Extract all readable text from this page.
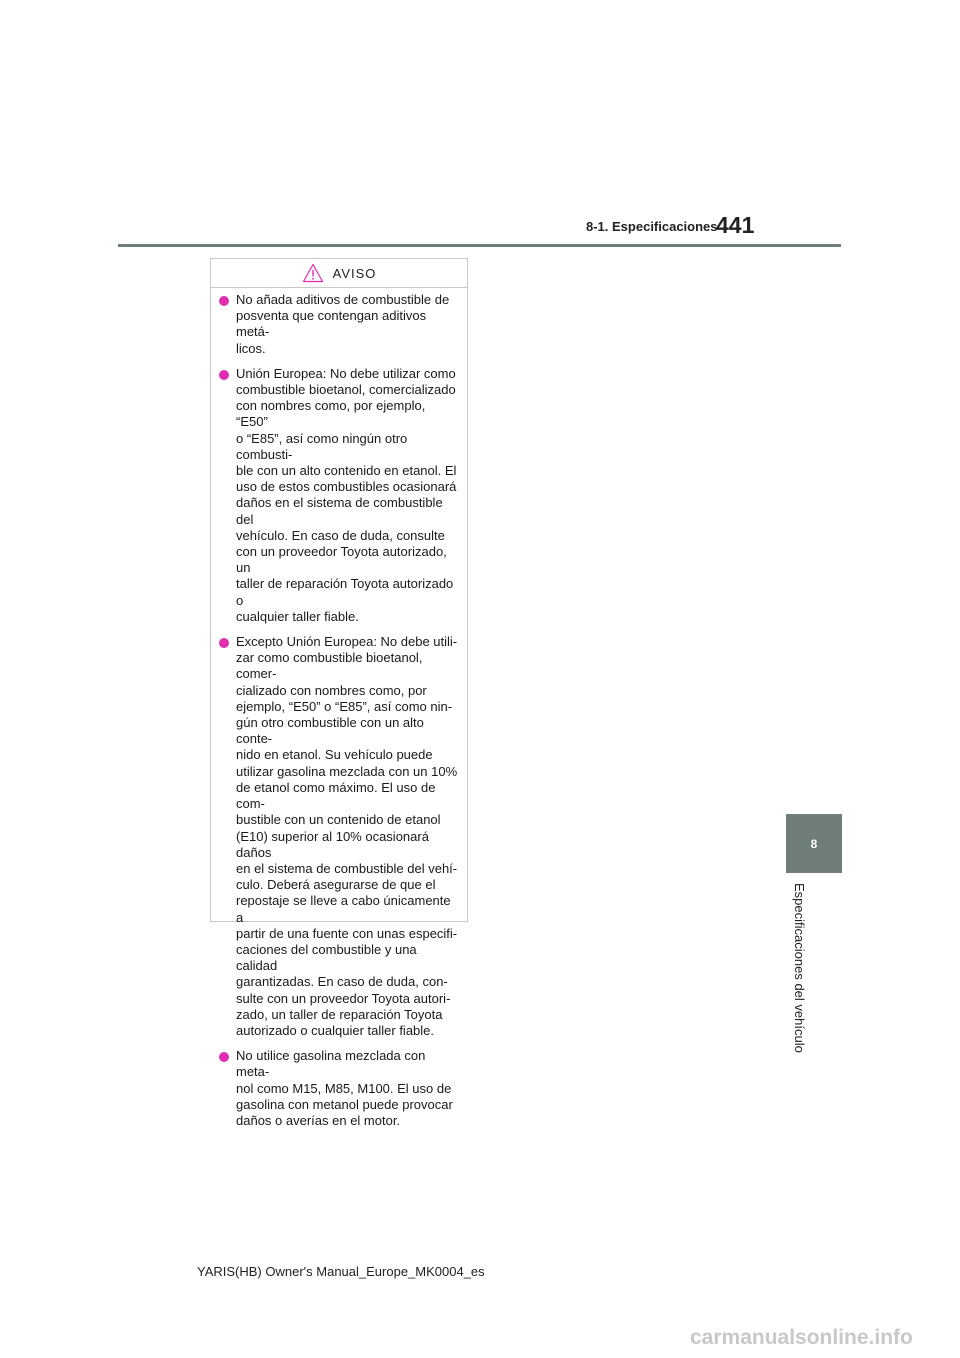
8-1. Especificaciones
441
AVISO
No añada aditivos de combustible de
posventa que contengan aditivos metá-
licos.
Unión Europea: No debe utilizar como
combustible bioetanol, comercializado
con nombres como, por ejemplo, “E50”
o “E85”, así como ningún otro combusti-
ble con un alto contenido en etanol. El
uso de estos combustibles ocasionará
daños en el sistema de combustible del
vehículo. En caso de duda, consulte
con un proveedor Toyota autorizado, un
taller de reparación Toyota autorizado o
cualquier taller fiable.
Excepto Unión Europea: No debe utili-
zar como combustible bioetanol, comer-
cializado con nombres como, por
ejemplo, “E50” o “E85”, así como nin-
gún otro combustible con un alto conte-
nido en etanol. Su vehículo puede
utilizar gasolina mezclada con un 10%
de etanol como máximo. El uso de com-
bustible con un contenido de etanol
(E10) superior al 10% ocasionará daños
en el sistema de combustible del vehí-
culo. Deberá asegurarse de que el
repostaje se lleve a cabo únicamente a
partir de una fuente con unas especifi-
caciones del combustible y una calidad
garantizadas. En caso de duda, con-
sulte con un proveedor Toyota autori-
zado, un taller de reparación Toyota
autorizado o cualquier taller fiable.
No utilice gasolina mezclada con meta-
nol como M15, M85, M100. El uso de
gasolina con metanol puede provocar
daños o averías en el motor.
8
Especificaciones del vehículo
YARIS(HB) Owner's Manual_Europe_MK0004_es
carmanualsonline.info
